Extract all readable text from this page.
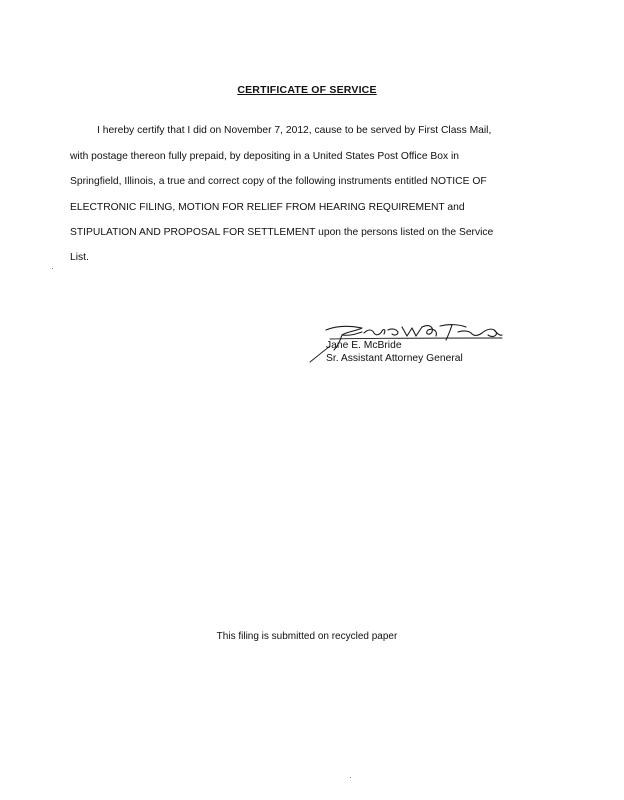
CERTIFICATE OF SERVICE
I hereby certify that I did on November 7, 2012, cause to be served by First Class Mail,
with postage thereon fully prepaid, by depositing in a United States Post Office Box in
Springfield, Illinois, a true and correct copy of the following instruments entitled NOTICE OF
ELECTRONIC FILING, MOTION FOR RELIEF FROM HEARING REQUIREMENT and
STIPULATION AND PROPOSAL FOR SETTLEMENT upon the persons listed on the Service
List.
Jane E. McBride
Sr. Assistant Attorney General
This filing is submitted on recycled paper
